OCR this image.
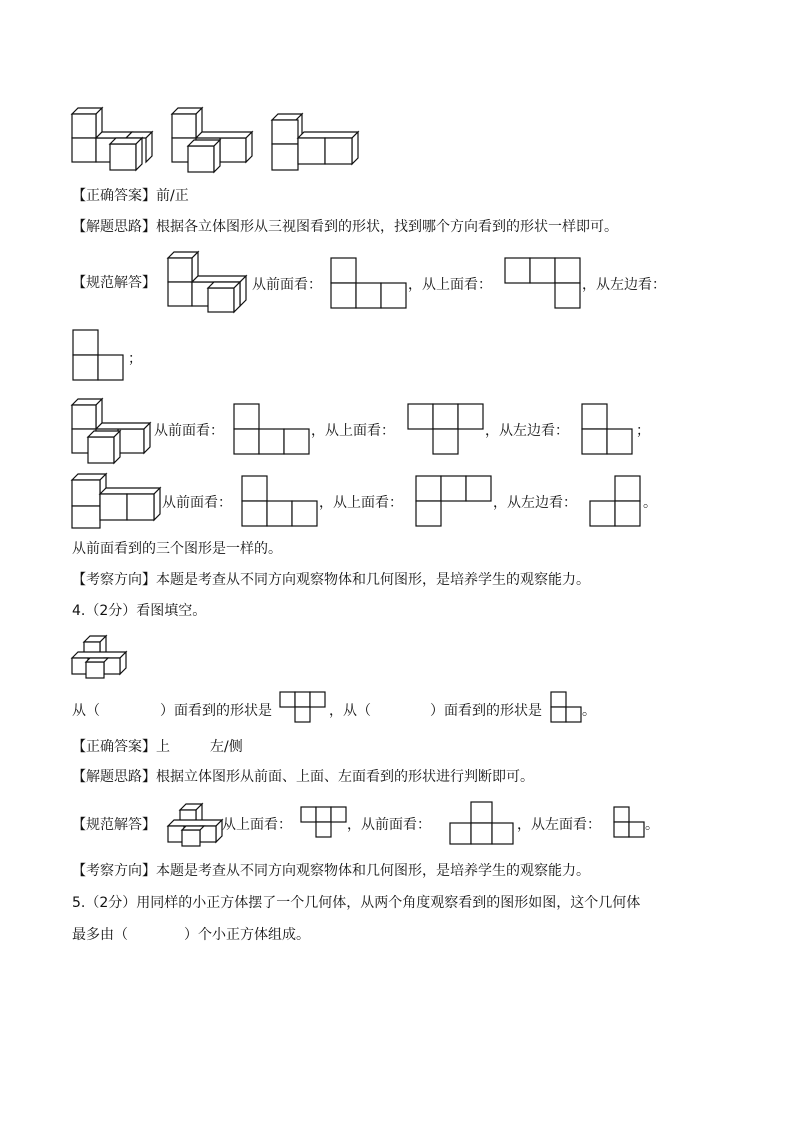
【正确答案】前/正
【解题思路】根据各立体图形从三视图看到的形状，找到哪个方向看到的形状一样即可。
【规范解答】	从前面看：	，从上面看：	，从左边看：
；
从前面看：	，从上面看：	，从左边看：	；
从前面看：	，从上面看：	，从左边看：	。
从前面看到的三个图形是一样的。
【考察方向】本题是考查从不同方向观察物体和几何图形，是培养学生的观察能力。
4.（2分）看图填空。
从（	）面看到的形状是	，从（	）面看到的形状是	。
【正确答案】上	左/侧
【解题思路】根据立体图形从前面、上面、左面看到的形状进行判断即可。
【规范解答】	从上面看：	，从前面看：	，从左面看：	。
【考察方向】本题是考查从不同方向观察物体和几何图形，是培养学生的观察能力。
5.（2分）用同样的小正方体摆了一个几何体，从两个角度观察看到的图形如图，这个几何体
最多由（　　　　）个小正方体组成。
